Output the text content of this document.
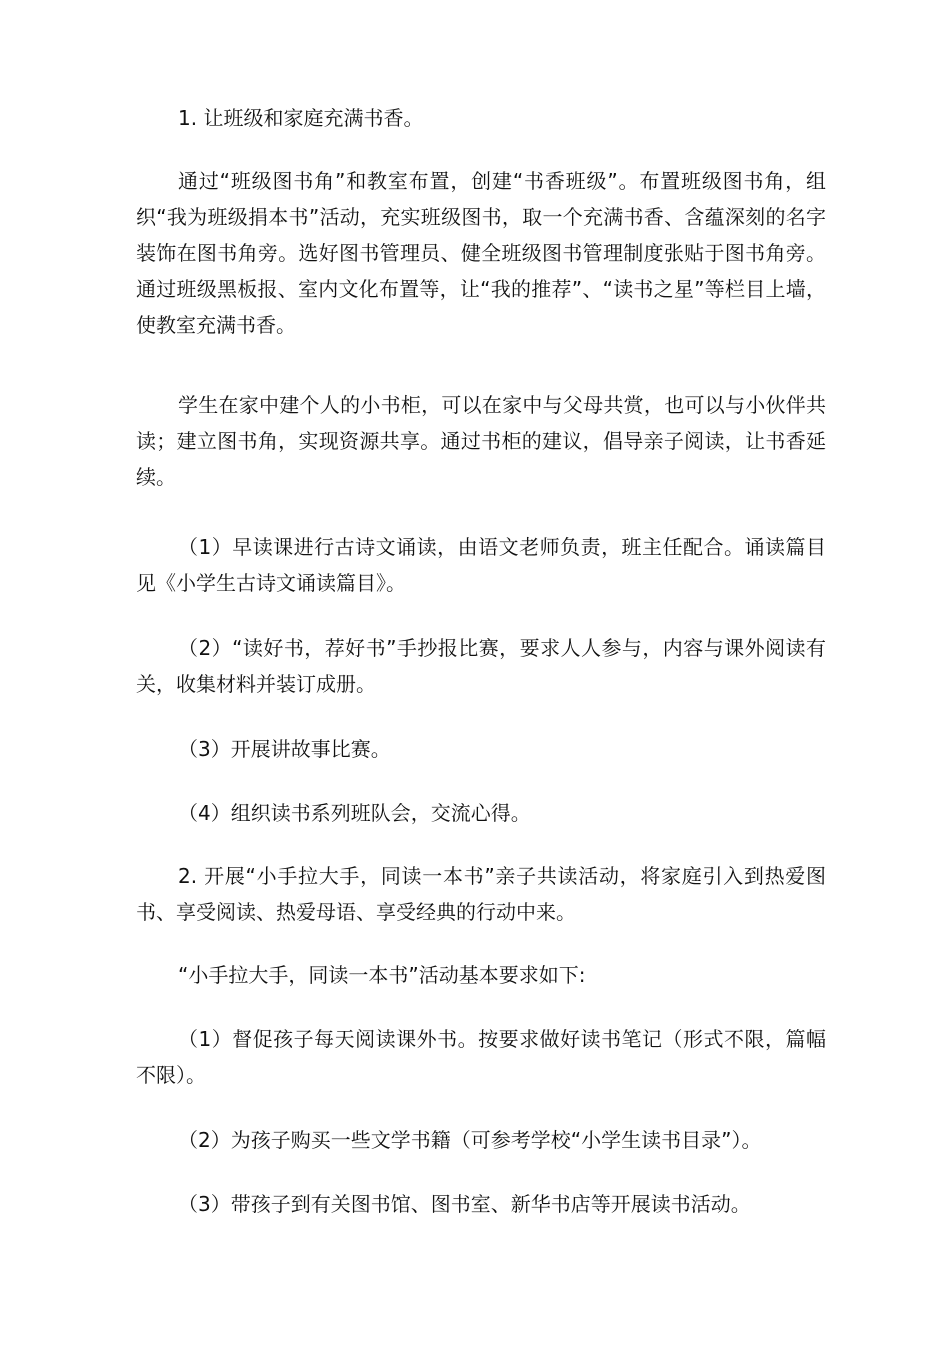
1. 让班级和家庭充满书香。

通过“班级图书角”和教室布置，创建“书香班级”。布置班级图书角，组织“我为班级捐本书”活动，充实班级图书，取一个充满书香、含蕴深刻的名字装饰在图书角旁。选好图书管理员、健全班级图书管理制度张贴于图书角旁。通过班级黑板报、室内文化布置等，让“我的推荐”、“读书之星”等栏目上墙，使教室充满书香。

学生在家中建个人的小书柜，可以在家中与父母共赏，也可以与小伙伴共读；建立图书角，实现资源共享。通过书柜的建议，倡导亲子阅读，让书香延续。

（1）早读课进行古诗文诵读，由语文老师负责，班主任配合。诵读篇目见《小学生古诗文诵读篇目》。

（2）“读好书，荐好书”手抄报比赛，要求人人参与，内容与课外阅读有关，收集材料并装订成册。

（3）开展讲故事比赛。

（4）组织读书系列班队会，交流心得。

2. 开展“小手拉大手，同读一本书”亲子共读活动，将家庭引入到热爱图书、享受阅读、热爱母语、享受经典的行动中来。

“小手拉大手，同读一本书”活动基本要求如下:

（1）督促孩子每天阅读课外书。按要求做好读书笔记（形式不限，篇幅不限）。

（2）为孩子购买一些文学书籍（可参考学校“小学生读书目录”）。

（3）带孩子到有关图书馆、图书室、新华书店等开展读书活动。
